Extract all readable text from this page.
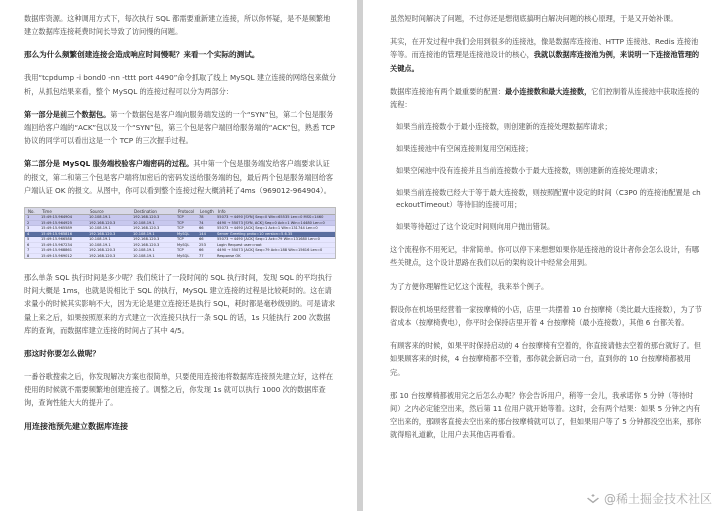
数据库资源。这种调用方式下，每次执行 SQL 都需要重新建立连接，所以你怀疑，是不是频繁地建立数据库连接耗费时间长导致了访问慢的问题。
那么为什么频繁创建连接会造成响应时间慢呢？来看一个实际的测试。
我用“tcpdump -i bond0 -nn -tttt port 4490”命令抓取了线上 MySQL 建立连接的网络包来做分析，从抓包结果来看，整个 MySQL 的连接过程可以分为两部分：
第一部分是前三个数据包。第一个数据包是客户端向服务端发送的一个“SYN”包，第二个包是服务端回给客户端的“ACK”包以及一个“SYN”包，第三个包是客户端回给服务端的“ACK”包，熟悉 TCP 协议的同学可以看出这是一个 TCP 的三次握手过程。
第二部分是 MySQL 服务端校验客户端密码的过程。其中第一个包是服务端发给客户端要求认证的报文，第二和第三个包是客户端将加密后的密码发送给服务端的包，最后两个包是服务端回给客户端认证 OK 的报文。从图中，你可以看到整个连接过程大概消耗了4ms（969012-964904）。
No.	Time	Source	Destination	Protocol	Length	Info
1	15:49:15.964904	10.108.19.1	192.168.120.3	TCP	78	55073 → 4490 [SYN] Seq=0 Win=65535 Len=0 MSS=1460
2	15:49:15.964925	192.168.120.3	10.108.19.1	TCP	74	4490 → 55073 [SYN, ACK] Seq=0 Ack=1 Win=14480 Len=0
3	15:49:15.965589	10.108.19.1	192.168.120.3	TCP	66	55073 → 4490 [ACK] Seq=1 Ack=1 Win=131744 Len=0
4	15:49:15.965816	192.168.120.3	10.108.19.1	MySQL	144	Server Greeting proto=10 version=5.6.35
5	15:49:15.966588	10.108.19.1	192.168.120.3	TCP	66	55073 → 4490 [ACK] Seq=1 Ack=79 Win=131680 Len=0
6	15:49:15.967234	10.108.19.1	192.168.120.3	MySQL	253	Login Request user=root
7	15:49:15.968861	192.168.120.3	10.108.19.1	TCP	66	4490 → 55073 [ACK] Seq=79 Ack=188 Win=15616 Len=0
8	15:49:15.969012	192.168.120.3	10.108.19.1	MySQL	77	Response OK
那么单条 SQL 执行时间是多少呢？我们统计了一段时间的 SQL 执行时间，发现 SQL 的平均执行时间大概是 1ms，也就是说相比于 SQL 的执行，MySQL 建立连接的过程是比较耗时的。这在请求量小的时候其实影响不大，因为无论是建立连接还是执行 SQL，耗时都是毫秒级别的。可是请求量上来之后，如果按照原来的方式建立一次连接只执行一条 SQL 的话，1s 只能执行 200 次数据库的查询，而数据库建立连接的时间占了其中 4/5。
那这时你要怎么做呢？
一番谷歌搜索之后，你发现解决方案也很简单，只要使用连接池将数据库连接预先建立好，这样在使用的时候就不需要频繁地创建连接了。调整之后，你发现 1s 就可以执行 1000 次的数据库查询，查询性能大大的提升了。
用连接池预先建立数据库连接
虽然短时间解决了问题，不过你还是想彻底搞明白解决问题的核心原理，于是又开始补课。
其实，在开发过程中我们会用到很多的连接池，像是数据库连接池、HTTP 连接池、Redis 连接池等等。而连接池的管理是连接池设计的核心，我就以数据库连接池为例，来说明一下连接池管理的关键点。
数据库连接池有两个最重要的配置：最小连接数和最大连接数，它们控制着从连接池中获取连接的流程：
如果当前连接数小于最小连接数，则创建新的连接处理数据库请求；
如果连接池中有空闲连接则复用空闲连接；
如果空闲池中没有连接并且当前连接数小于最大连接数，则创建新的连接处理请求；
如果当前连接数已经大于等于最大连接数，则按照配置中设定的时间（C3P0 的连接池配置是 checkoutTimeout）等待旧的连接可用；
如果等待超过了这个设定时间则向用户抛出错误。
这个流程你不用死记，非常简单。你可以停下来想想如果你是连接池的设计者你会怎么设计，有哪些关键点，这个设计思路在我们以后的架构设计中经常会用到。
为了方便你理解性记忆这个流程，我来举个例子。
假设你在机场里经营着一家按摩椅的小店，店里一共摆着 10 台按摩椅（类比最大连接数），为了节省成本（按摩椅费电），你平时会保持店里开着 4 台按摩椅（最小连接数），其他 6 台都关着。
有顾客来的时候，如果平时保持启动的 4 台按摩椅有空着的，你直接请他去空着的那台就好了。但如果顾客来的时候，4 台按摩椅都不空着，那你就会新启动一台，直到你的 10 台按摩椅都被用完。
那 10 台按摩椅都被用完之后怎么办呢？你会告诉用户，稍等一会儿，我承诺你 5 分钟（等待时间）之内必定能空出来，然后第 11 位用户就开始等着。这时，会有两个结果：如果 5 分钟之内有空出来的，那顾客直接去空出来的那台按摩椅就可以了，但如果用户等了 5 分钟都没空出来，那你就得赔礼道歉，让用户去其他店再看看。
@稀土掘金技术社区
